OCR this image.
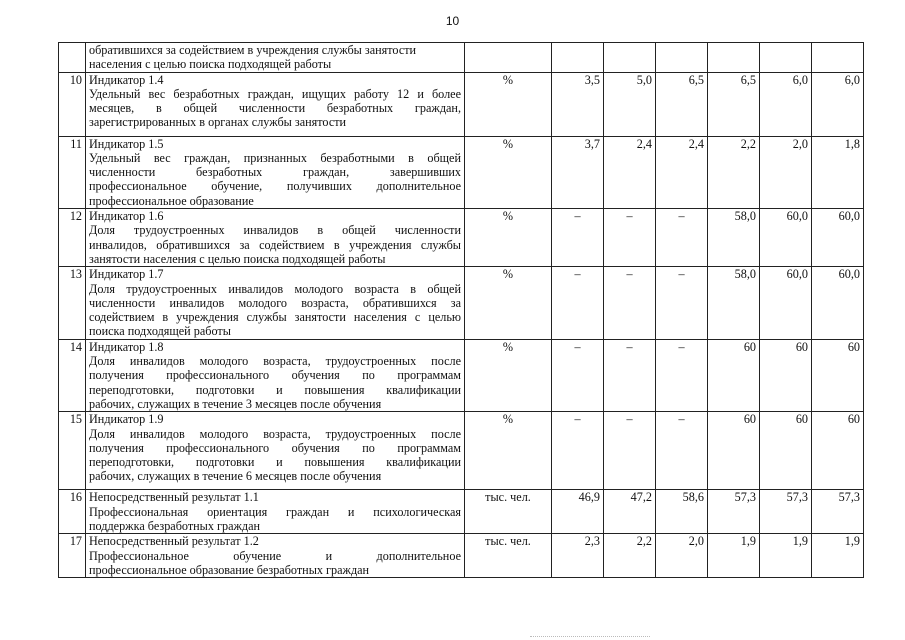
10

	обратившихся за содействием в учреждения службы занятости
населения с целью поиска подходящей работы							

10	Индикатор 1.4
Удельный вес безработных граждан, ищущих работу 12 и более
месяцев, в общей численности безработных граждан,
зарегистрированных в органах службы занятости	%	3,5	5,0	6,5	6,5	6,0	6,0
11	Индикатор 1.5
Удельный вес граждан, признанных безработными в общей
численности безработных граждан, завершивших
профессиональное обучение, получивших дополнительное
профессиональное образование	%	3,7	2,4	2,4	2,2	2,0	1,8
12	Индикатор 1.6
Доля трудоустроенных инвалидов в общей численности
инвалидов, обратившихся за содействием в учреждения службы
занятости населения с целью поиска подходящей работы	%	–	–	–	58,0	60,0	60,0
13	Индикатор 1.7
Доля трудоустроенных инвалидов молодого возраста в общей
численности инвалидов молодого возраста, обратившихся за
содействием в учреждения службы занятости населения с целью
поиска подходящей работы	%	–	–	–	58,0	60,0	60,0
14	Индикатор 1.8
Доля инвалидов молодого возраста, трудоустроенных после
получения профессионального обучения по программам
переподготовки, подготовки и повышения квалификации
рабочих, служащих в течение 3 месяцев после обучения	%	–	–	–	60	60	60
15	Индикатор 1.9
Доля инвалидов молодого возраста, трудоустроенных после
получения профессионального обучения по программам
переподготовки, подготовки и повышения квалификации
рабочих, служащих в течение 6 месяцев после обучения	%	–	–	–	60	60	60
16	Непосредственный результат 1.1
Профессиональная ориентация граждан и психологическая
поддержка безработных граждан	тыс. чел.	46,9	47,2	58,6	57,3	57,3	57,3
17	Непосредственный результат 1.2
Профессиональное обучение и дополнительное
профессиональное образование безработных граждан	тыс. чел.	2,3	2,2	2,0	1,9	1,9	1,9
